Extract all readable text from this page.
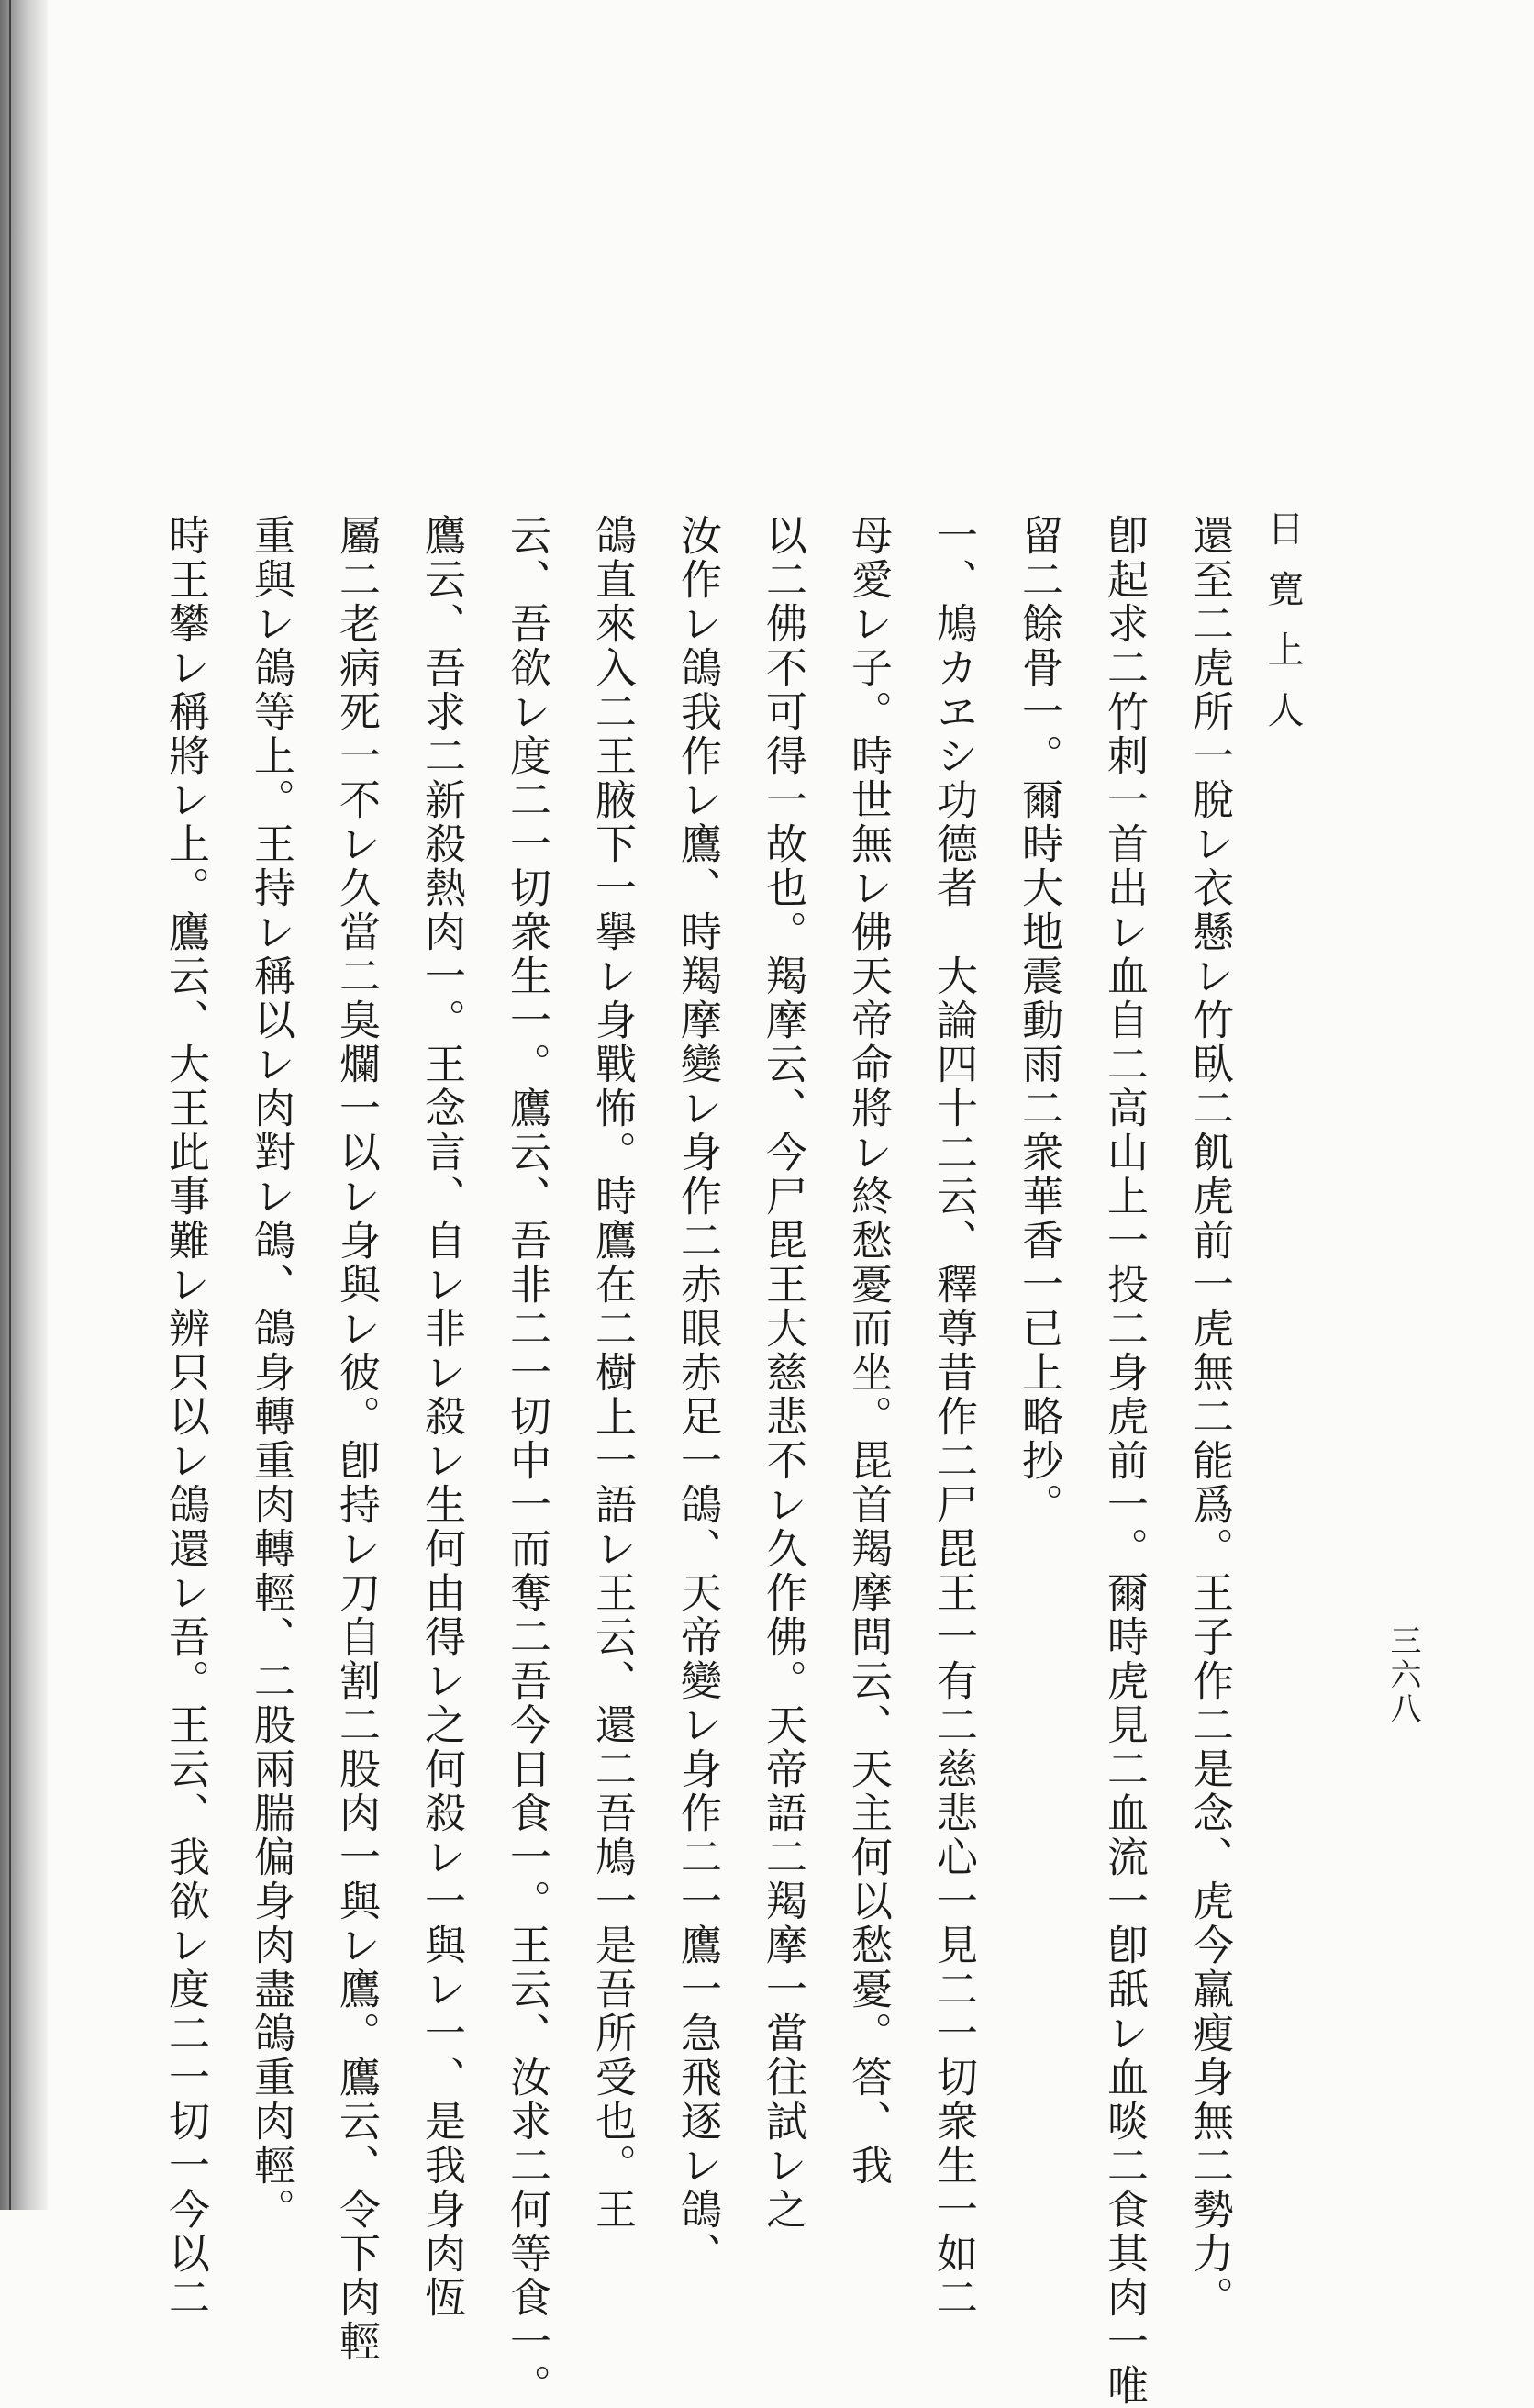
日寛上人
三六八
還至二虎所一脫レ衣懸レ竹臥二飢虎前一虎無二能爲。王子作二是念、虎今羸瘦身無二勢力。
卽起求二竹刺一首出レ血自二高山上一投二身虎前一。爾時虎見二血流一卽舐レ血啖二食其肉一唯
留二餘骨一。爾時大地震動雨二衆華香一已上略抄。
一、鳩カヱシ功德者　大論四十二云、釋尊昔作二尸毘王一有二慈悲心一見二一切衆生一如二
母愛レ子。時世無レ佛天帝命將レ終愁憂而坐。毘首羯摩問云、天主何以愁憂。答、我
以二佛不可得一故也。羯摩云、今尸毘王大慈悲不レ久作佛。天帝語二羯摩一當往試レ之
汝作レ鴿我作レ鷹、時羯摩變レ身作二赤眼赤足一鴿、天帝變レ身作二一鷹一急飛逐レ鴿、
鴿直來入二王腋下一擧レ身戰怖。時鷹在二樹上一語レ王云、還二吾鳩一是吾所受也。王
云、吾欲レ度二一切衆生一。鷹云、吾非二一切中一而奪二吾今日食一。王云、汝求二何等食一。
鷹云、吾求二新殺熱肉一。王念言、自レ非レ殺レ生何由得レ之何殺レ一與レ一、是我身肉恆
屬二老病死一不レ久當二臭爛一以レ身與レ彼。卽持レ刀自割二股肉一與レ鷹。鷹云、令下肉輕
重與レ鴿等上。王持レ稱以レ肉對レ鴿、鴿身轉重肉轉輕、二股兩腨偏身肉盡鴿重肉輕。
時王攀レ稱將レ上。鷹云、大王此事難レ辨只以レ鴿還レ吾。王云、我欲レ度二一切一今以二
